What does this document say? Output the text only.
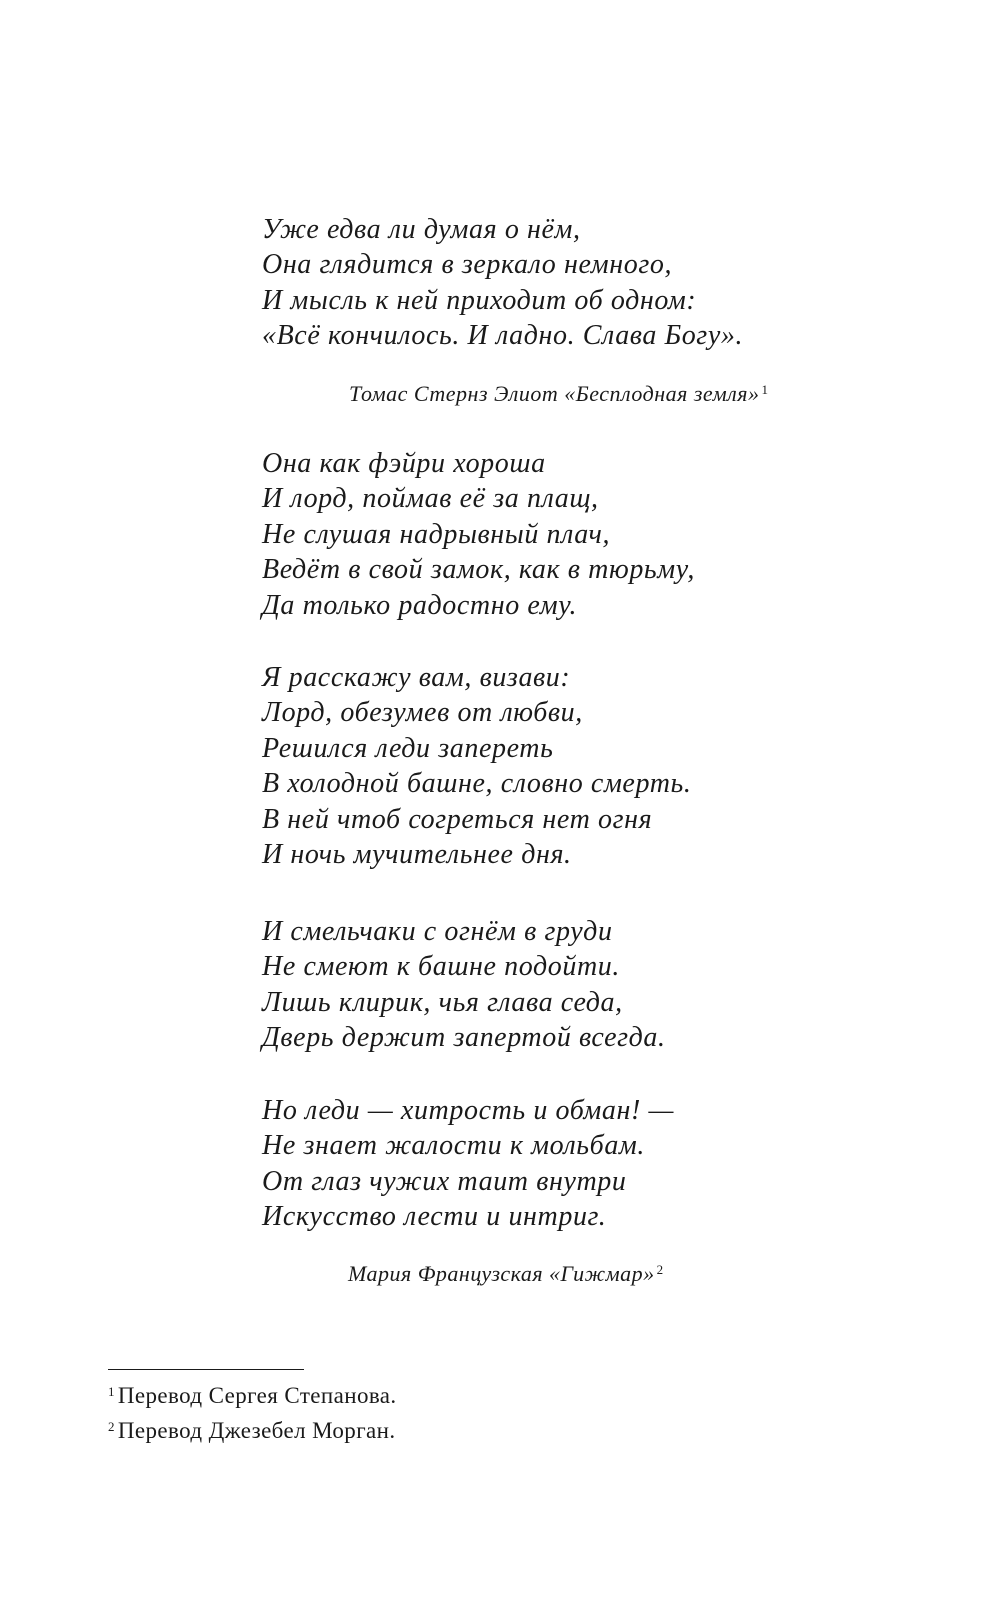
Уже едва ли думая о нём,
Она глядится в зеркало немного,
И мысль к ней приходит об одном:
«Всё кончилось. И ладно. Слава Богу».
Томас Стернз Элиот «Бесплодная земля» $^1$
Она как фэйри хороша
И лорд, поймав её за плащ,
Не слушая надрывный плач,
Ведёт в свой замок, как в тюрьму,
Да только радостно ему.
Я расскажу вам, визави:
Лорд, обезумев от любви,
Решился леди запереть
В холодной башне, словно смерть.
В ней чтоб согреться нет огня
И ночь мучительнее дня.
И смельчаки с огнём в груди
Не смеют к башне подойти.
Лишь клирик, чья глава седа,
Дверь держит запертой всегда.
Но леди — хитрость и обман! —
Не знает жалости к мольбам.
От глаз чужих таит внутри
Искусство лести и интриг.
Мария Французская «Гижмар» $^2$
$^1$ Перевод Сергея Степанова.
$^2$ Перевод Джезебел Морган.
